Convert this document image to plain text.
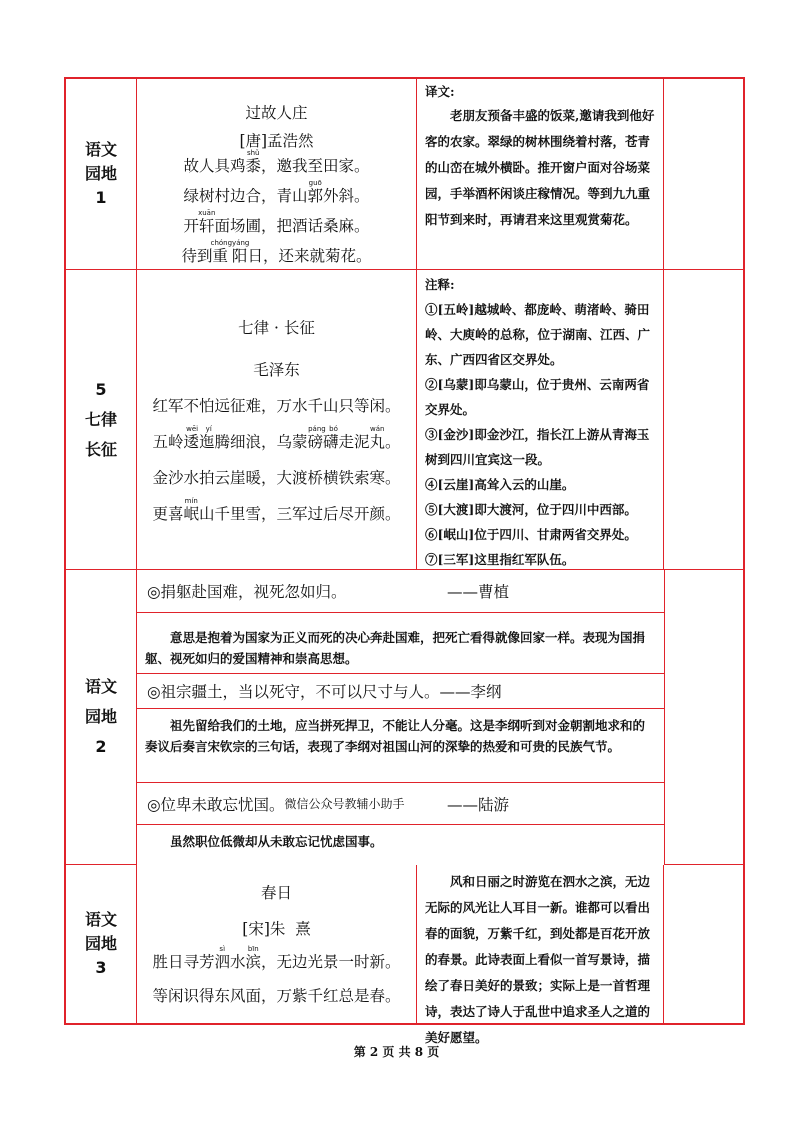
语文
园地
1
过故人庄
[唐]孟浩然
故人具鸡黍shǔ，邀我至田家。
绿树村边合，青山郭guō外斜。
开轩xuān面场圃，把酒话桑麻。
待到重阳chóngyáng日，还来就菊花。

译文:

老朋友预备丰盛的饭菜,邀请我到他好客的农家。翠绿的树林围绕着村落，苍青的山峦在城外横卧。推开窗户面对谷场菜园，手举酒杯闲谈庄稼情况。等到九九重阳节到来时，再请君来这里观赏菊花。

5
七律
长征
七律 · 长征
毛泽东
红军不怕远征难，万水千山只等闲。
五岭逶迤wēi yí腾细浪，乌蒙磅礴páng bó走泥丸wán。
金沙水拍云崖暖，大渡桥横铁索寒。
更喜岷mín山千里雪，三军过后尽开颜。

注释:

①[五岭]越城岭、都庞岭、萌渚岭、骑田岭、大庾岭的总称，位于湖南、江西、广东、广西四省区交界处。

②[乌蒙]即乌蒙山，位于贵州、云南两省交界处。

③[金沙]即金沙江，指长江上游从青海玉树到四川宜宾这一段。

④[云崖]高耸入云的山崖。

⑤[大渡]即大渡河，位于四川中西部。

⑥[岷山]位于四川、甘肃两省交界处。

⑦[三军]这里指红军队伍。

语文
园地
2
◎捐躯赴国难，视死忽如归。	——曹植
意思是抱着为国家为正义而死的决心奔赴国难，把死亡看得就像回家一样。表现为国捐躯、视死如归的爱国精神和崇高思想。
◎祖宗疆土，当以死守，不可以尺寸与人。 ——李纲
祖先留给我们的土地，应当拼死捍卫，不能让人分毫。这是李纲听到对金朝割地求和的奏议后奏言宋钦宗的三句话，表现了李纲对祖国山河的深挚的热爱和可贵的民族气节。
◎位卑未敢忘忧国。 微信公众号教辅小助手	——陆游
虽然职位低微却从未敢忘记忧虑国事。
语文
园地
3
春日
[宋]朱  熹
胜日寻芳泗sì水滨bīn，无边光景一时新。
等闲识得东风面，万紫千红总是春。

风和日丽之时游览在泗水之滨，无边无际的风光让人耳目一新。谁都可以看出春的面貌，万紫千红，到处都是百花开放的春景。此诗表面上看似一首写景诗，描绘了春日美好的景致；实际上是一首哲理诗，表达了诗人于乱世中追求圣人之道的美好愿望。

第 2 页 共 8 页
